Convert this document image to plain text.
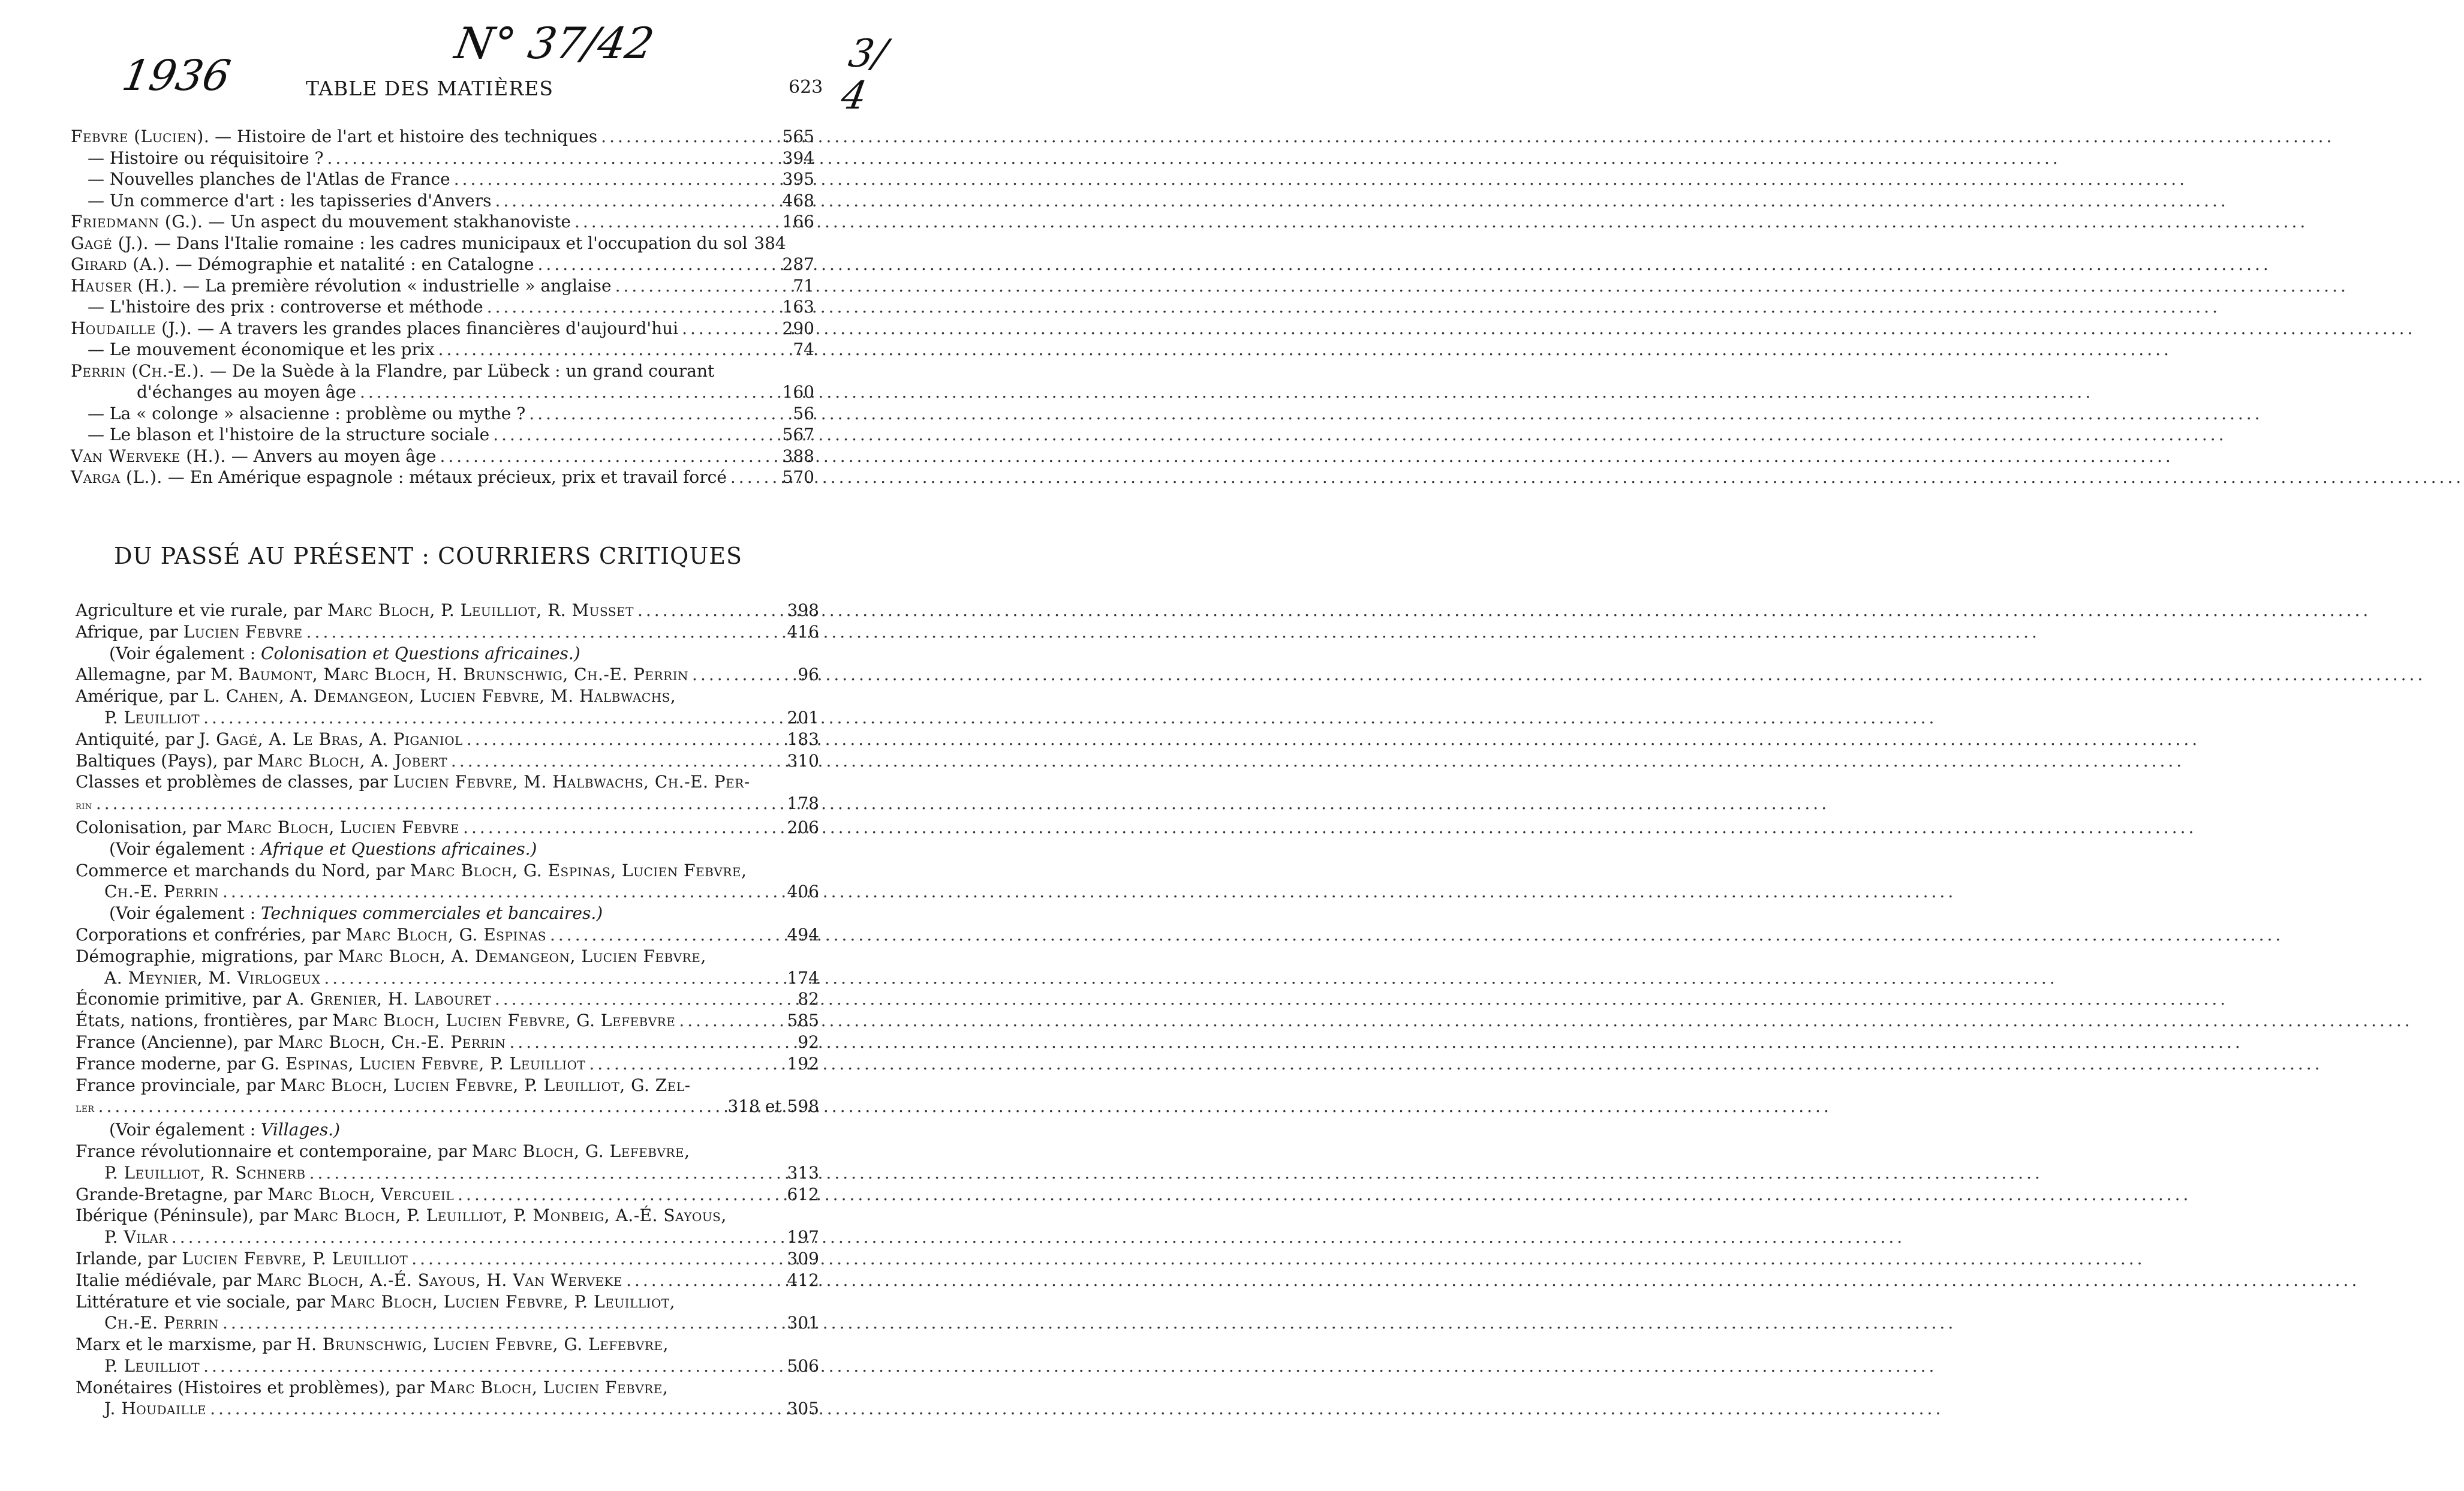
1936
N° 37/42	3/4
TABLE DES MATIÈRES	623
Febvre (Lucien). — Histoire de l'art et histoire des techniques .....	565
— Histoire ou réquisitoire ? .....	394
— Nouvelles planches de l'Atlas de France .....	395
— Un commerce d'art : les tapisseries d'Anvers .....	468
Friedmann (G.). — Un aspect du mouvement stakhanoviste .....	166
Gagé (J.). — Dans l'Italie romaine : les cadres municipaux et l'occupation du sol 384
Girard (A.). — Démographie et natalité : en Catalogne .....	287
Hauser (H.). — La première révolution « industrielle » anglaise .....	71
— L'histoire des prix : controverse et méthode .....	163
Houdaille (J.). — A travers les grandes places financières d'aujourd'hui .....	290
— Le mouvement économique et les prix .....	74
Perrin (Ch.-E.). — De la Suède à la Flandre, par Lübeck : un grand courant
d'échanges au moyen âge .....	160
— La « colonge » alsacienne : problème ou mythe ? .....	56
— Le blason et l'histoire de la structure sociale .....	567
Van Werveke (H.). — Anvers au moyen âge .....	388
Varga (L.). — En Amérique espagnole : métaux précieux, prix et travail forcé .....	570
DU PASSÉ AU PRÉSENT : COURRIERS CRITIQUES
Agriculture et vie rurale, par Marc Bloch, P. Leuilliot, R. Musset .....	398
Afrique, par Lucien Febvre .....	416
(Voir également : Colonisation et Questions africaines.)
Allemagne, par M. Baumont, Marc Bloch, H. Brunschwig, Ch.-E. Perrin .....	96
Amérique, par L. Cahen, A. Demangeon, Lucien Febvre, M. Halbwachs,
P. Leuilliot .....	201
Antiquité, par J. Gagé, A. Le Bras, A. Piganiol .....	183
Baltiques (Pays), par Marc Bloch, A. Jobert .....	310
Classes et problèmes de classes, par Lucien Febvre, M. Halbwachs, Ch.-E. Per-
rin .....	178
Colonisation, par Marc Bloch, Lucien Febvre .....	206
(Voir également : Afrique et Questions africaines.)
Commerce et marchands du Nord, par Marc Bloch, G. Espinas, Lucien Febvre,
Ch.-E. Perrin .....	406
(Voir également : Techniques commerciales et bancaires.)
Corporations et confréries, par Marc Bloch, G. Espinas .....	494
Démographie, migrations, par Marc Bloch, A. Demangeon, Lucien Febvre,
A. Meynier, M. Virlogeux .....	174
Économie primitive, par A. Grenier, H. Labouret .....	82
États, nations, frontières, par Marc Bloch, Lucien Febvre, G. Lefebvre .....	585
France (Ancienne), par Marc Bloch, Ch.-E. Perrin .....	92
France moderne, par G. Espinas, Lucien Febvre, P. Leuilliot .....	192
France provinciale, par Marc Bloch, Lucien Febvre, P. Leuilliot, G. Zel-
ler .....	318 et 598
(Voir également : Villages.)
France révolutionnaire et contemporaine, par Marc Bloch, G. Lefebvre,
P. Leuilliot, R. Schnerb .....	313
Grande-Bretagne, par Marc Bloch, Vercueil .....	612
Ibérique (Péninsule), par Marc Bloch, P. Leuilliot, P. Monbeig, A.-É. Sayous,
P. Vilar .....	197
Irlande, par Lucien Febvre, P. Leuilliot .....	309
Italie médiévale, par Marc Bloch, A.-É. Sayous, H. Van Werveke .....	412
Littérature et vie sociale, par Marc Bloch, Lucien Febvre, P. Leuilliot,
Ch.-E. Perrin .....	301
Marx et le marxisme, par H. Brunschwig, Lucien Febvre, G. Lefebvre,
P. Leuilliot .....	506
Monétaires (Histoires et problèmes), par Marc Bloch, Lucien Febvre,
J. Houdaille .....	305
